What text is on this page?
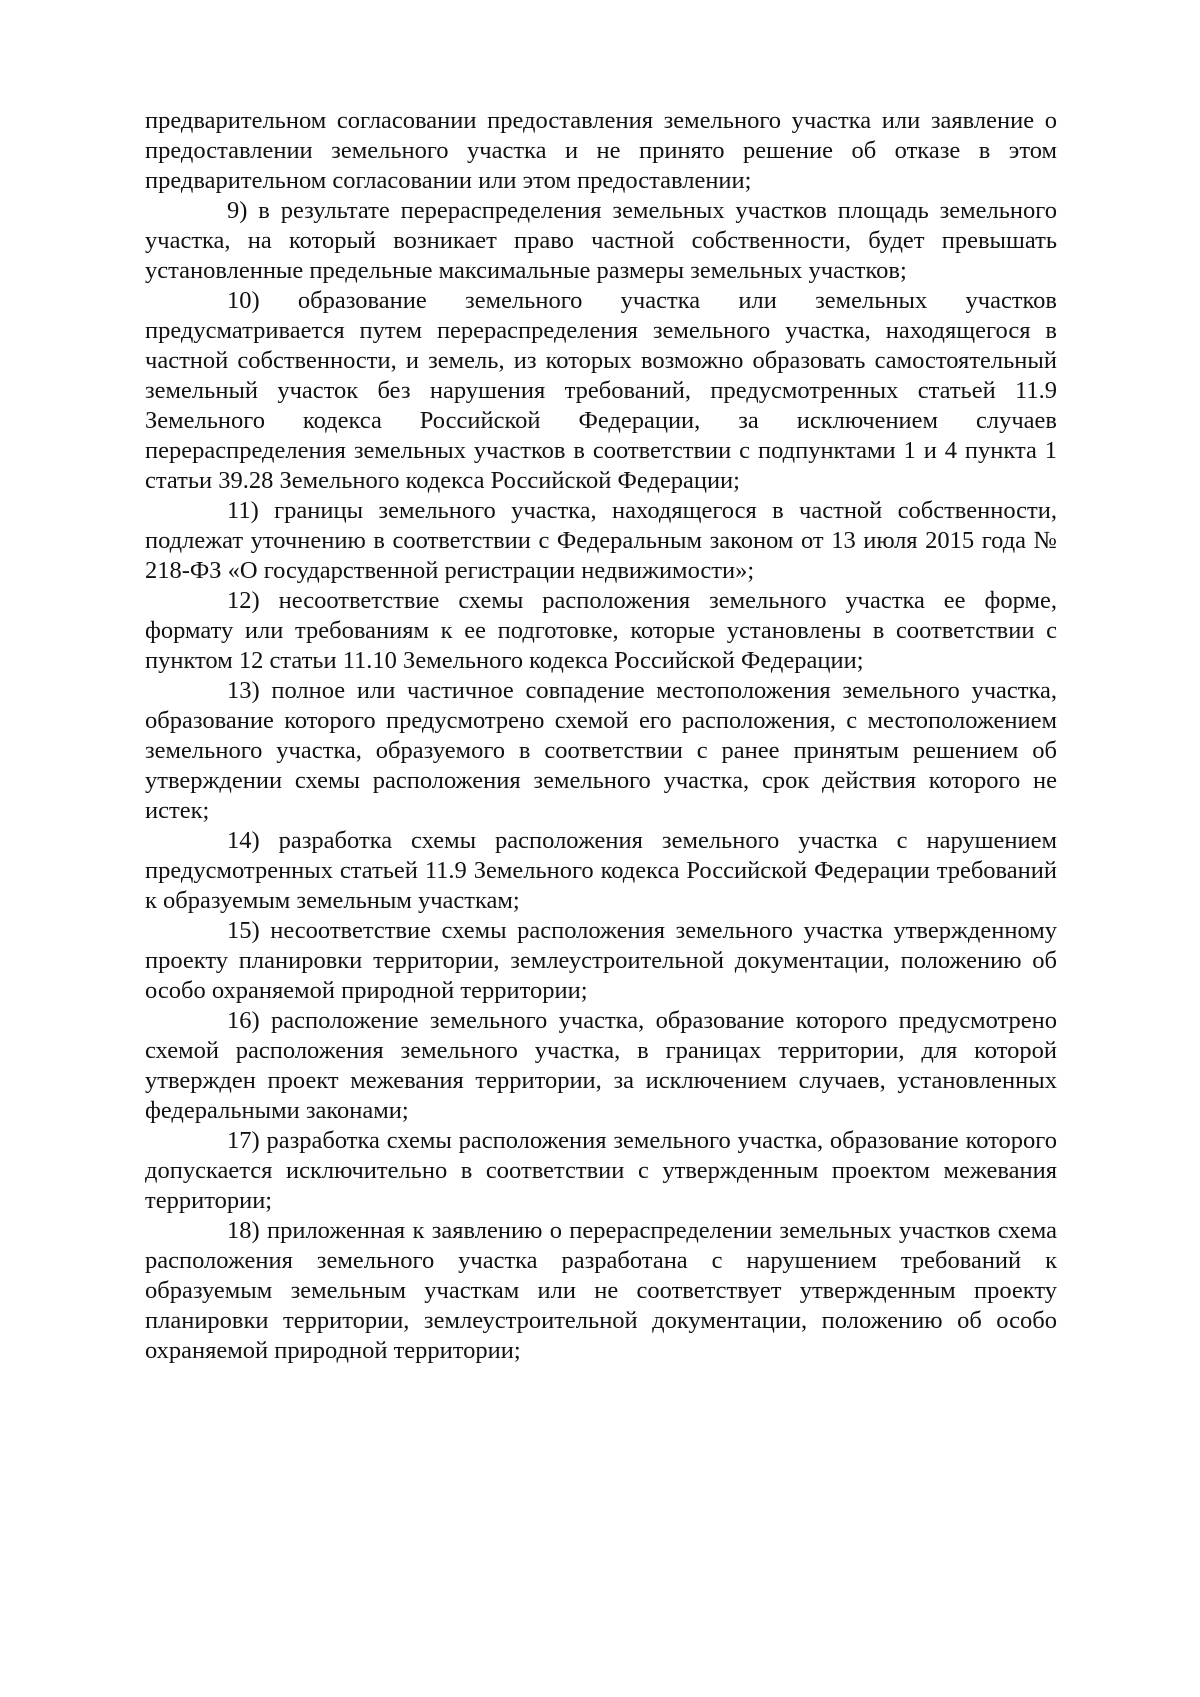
предварительном согласовании предоставления земельного участка или заявление о предоставлении земельного участка и не принято решение об отказе в этом предварительном согласовании или этом предоставлении;

9) в результате перераспределения земельных участков площадь земельного участка, на который возникает право частной собственности, будет превышать установленные предельные максимальные размеры земельных участков;

10) образование земельного участка или земельных участков предусматривается путем перераспределения земельного участка, находящегося в частной собственности, и земель, из которых возможно образовать самостоятельный земельный участок без нарушения требований, предусмотренных статьей 11.9 Земельного кодекса Российской Федерации, за исключением случаев перераспределения земельных участков в соответствии с подпунктами 1 и 4 пункта 1 статьи 39.28 Земельного кодекса Российской Федерации;

11) границы земельного участка, находящегося в частной собственности, подлежат уточнению в соответствии с Федеральным законом от 13 июля 2015 года № 218-ФЗ «О государственной регистрации недвижимости»;

12) несоответствие схемы расположения земельного участка ее форме, формату или требованиям к ее подготовке, которые установлены в соответствии с пунктом 12 статьи 11.10 Земельного кодекса Российской Федерации;

13) полное или частичное совпадение местоположения земельного участка, образование которого предусмотрено схемой его расположения, с местоположением земельного участка, образуемого в соответствии с ранее принятым решением об утверждении схемы расположения земельного участка, срок действия которого не истек;

14) разработка схемы расположения земельного участка с нарушением предусмотренных статьей 11.9 Земельного кодекса Российской Федерации требований к образуемым земельным участкам;

15) несоответствие схемы расположения земельного участка утвержденному проекту планировки территории, землеустроительной документации, положению об особо охраняемой природной территории;

16) расположение земельного участка, образование которого предусмотрено схемой расположения земельного участка, в границах территории, для которой утвержден проект межевания территории, за исключением случаев, установленных федеральными законами;

17) разработка схемы расположения земельного участка, образование которого допускается исключительно в соответствии с утвержденным проектом межевания территории;

18) приложенная к заявлению о перераспределении земельных участков схема расположения земельного участка разработана с нарушением требований к образуемым земельным участкам или не соответствует утвержденным проекту планировки территории, землеустроительной документации, положению об особо охраняемой природной территории;
